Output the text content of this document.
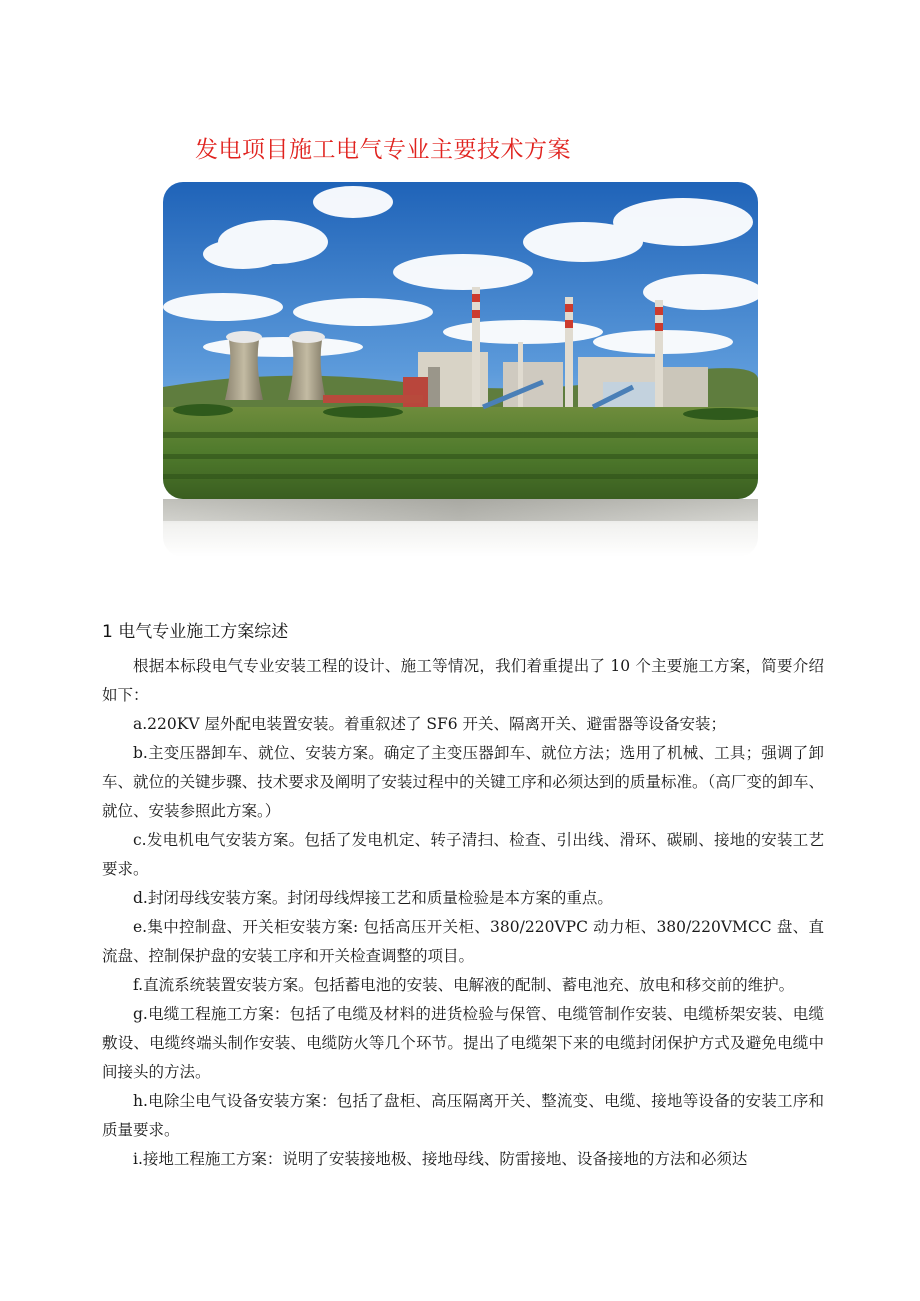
发电项目施工电气专业主要技术方案
1 电气专业施工方案综述

根据本标段电气专业安装工程的设计、施工等情况，我们着重提出了 10 个主要施工方案，简要介绍如下：

a.220KV 屋外配电装置安装。着重叙述了 SF6 开关、隔离开关、避雷器等设备安装；

b.主变压器卸车、就位、安装方案。确定了主变压器卸车、就位方法；选用了机械、工具；强调了卸车、就位的关键步骤、技术要求及阐明了安装过程中的关键工序和必须达到的质量标准。（高厂变的卸车、就位、安装参照此方案。）

c.发电机电气安装方案。包括了发电机定、转子清扫、检查、引出线、滑环、碳刷、接地的安装工艺要求。

d.封闭母线安装方案。封闭母线焊接工艺和质量检验是本方案的重点。

e.集中控制盘、开关柜安装方案: 包括高压开关柜、380/220VPC 动力柜、380/220VMCC 盘、直流盘、控制保护盘的安装工序和开关检查调整的项目。

f.直流系统装置安装方案。包括蓄电池的安装、电解液的配制、蓄电池充、放电和移交前的维护。

g.电缆工程施工方案：包括了电缆及材料的进货检验与保管、电缆管制作安装、电缆桥架安装、电缆敷设、电缆终端头制作安装、电缆防火等几个环节。提出了电缆架下来的电缆封闭保护方式及避免电缆中间接头的方法。

h.电除尘电气设备安装方案：包括了盘柜、高压隔离开关、整流变、电缆、接地等设备的安装工序和质量要求。

i.接地工程施工方案：说明了安装接地极、接地母线、防雷接地、设备接地的方法和必须达
